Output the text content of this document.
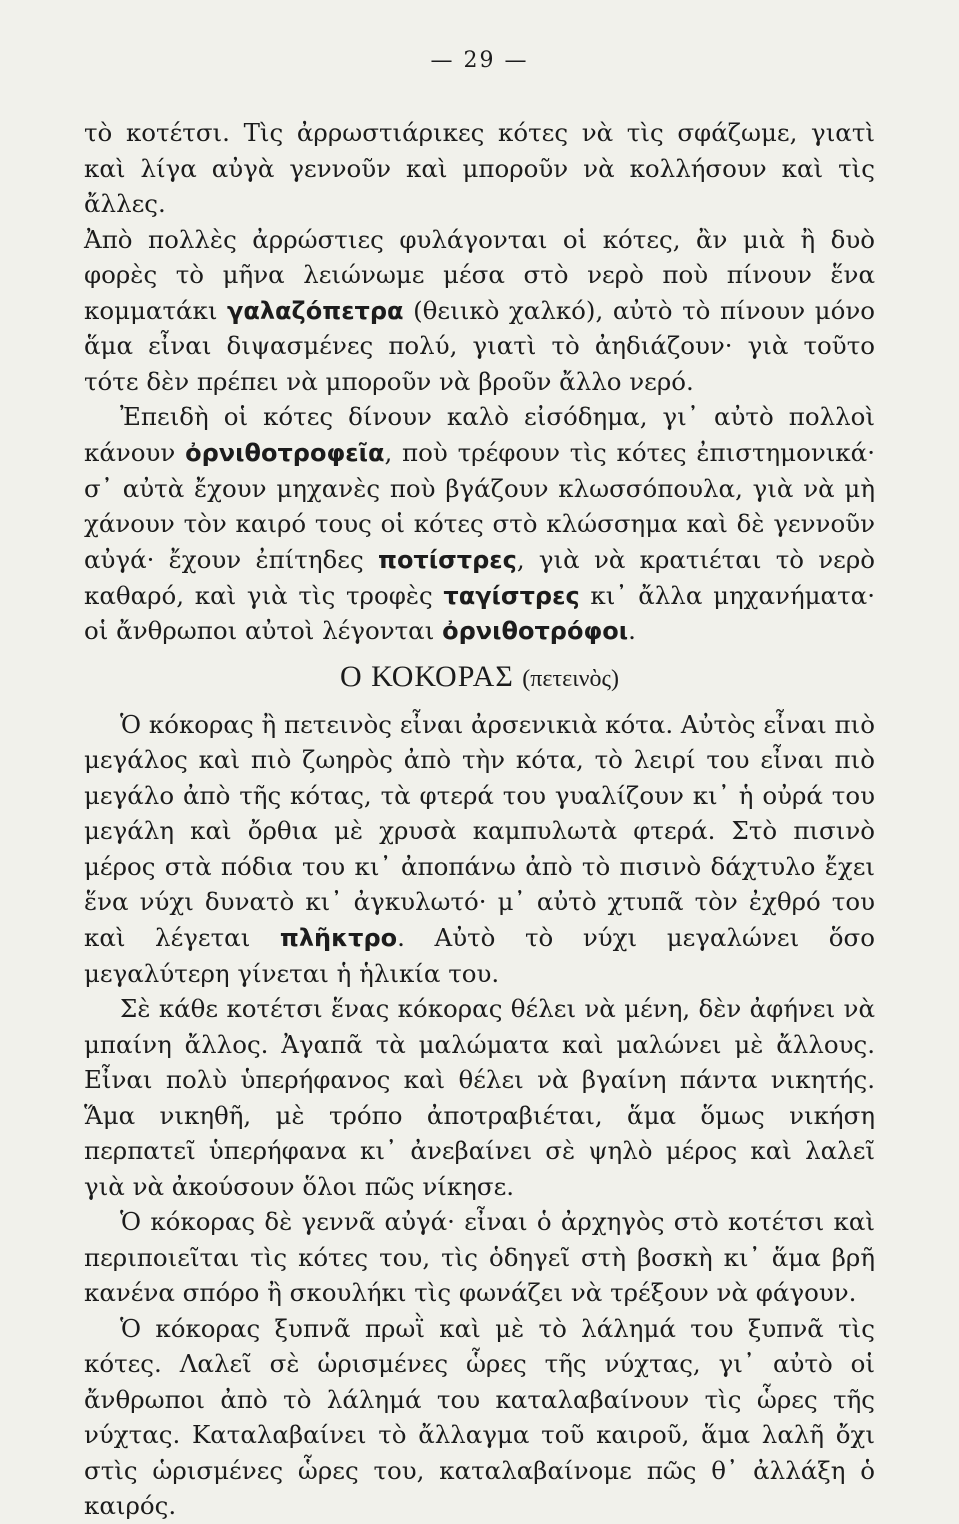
— 29 —

τὸ κοτέτσι. Τὶς ἀρρωστιάρικες κότες νὰ τὶς σφάζωμε, γιατὶ καὶ λίγα αὐγὰ γεννοῦν καὶ μποροῦν νὰ κολλήσουν καὶ τὶς ἄλλες.

Ἀπὸ πολλὲς ἀρρώστιες φυλάγονται οἱ κότες, ἂν μιὰ ἢ δυὸ φορὲς τὸ μῆνα λειώνωμε μέσα στὸ νερὸ ποὺ πίνουν ἕνα κομματάκι γαλαζόπετρα (θειικὸ χαλκό), αὐτὸ τὸ πίνουν μόνο ἅμα εἶναι διψασμένες πολύ, γιατὶ τὸ ἀηδιάζουν· γιὰ τοῦτο τότε δὲν πρέπει νὰ μποροῦν νὰ βροῦν ἄλλο νερό.

Ἐπειδὴ οἱ κότες δίνουν καλὸ εἰσόδημα, γι᾿ αὐτὸ πολλοὶ κάνουν ὀρνιθοτροφεῖα, ποὺ τρέφουν τὶς κότες ἐπιστημονικά· σ᾿ αὐτὰ ἔχουν μηχανὲς ποὺ βγάζουν κλωσσόπουλα, γιὰ νὰ μὴ χάνουν τὸν καιρό τους οἱ κότες στὸ κλώσσημα καὶ δὲ γεννοῦν αὐγά· ἔχουν ἐπίτηδες ποτίστρες, γιὰ νὰ κρατιέται τὸ νερὸ καθαρό, καὶ γιὰ τὶς τροφὲς ταγίστρες κι᾿ ἄλλα μηχανήματα· οἱ ἄνθρωποι αὐτοὶ λέγονται ὀρνιθοτρόφοι.

Ο ΚΟΚΟΡΑΣ (πετεινὸς)

Ὁ κόκορας ἢ πετεινὸς εἶναι ἀρσενικιὰ κότα. Αὐτὸς εἶναι πιὸ μεγάλος καὶ πιὸ ζωηρὸς ἀπὸ τὴν κότα, τὸ λειρί του εἶναι πιὸ μεγάλο ἀπὸ τῆς κότας, τὰ φτερά του γυαλίζουν κι᾿ ἡ οὐρά του μεγάλη καὶ ὄρθια μὲ χρυσὰ καμπυλωτὰ φτερά. Στὸ πισινὸ μέρος στὰ πόδια του κι᾿ ἀποπάνω ἀπὸ τὸ πισινὸ δάχτυλο ἔχει ἕνα νύχι δυνατὸ κι᾿ ἀγκυλωτό· μ᾿ αὐτὸ χτυπᾶ τὸν ἐχθρό του καὶ λέγεται πλῆκτρο. Αὐτὸ τὸ νύχι μεγαλώνει ὅσο μεγαλύτερη γίνεται ἡ ἡλικία του.

Σὲ κάθε κοτέτσι ἕνας κόκορας θέλει νὰ μένη, δὲν ἀφήνει νὰ μπαίνη ἄλλος. Ἀγαπᾶ τὰ μαλώματα καὶ μαλώνει μὲ ἄλλους. Εἶναι πολὺ ὑπερήφανος καὶ θέλει νὰ βγαίνη πάντα νικητής. Ἅμα νικηθῆ, μὲ τρόπο ἀποτραβιέται, ἅμα ὅμως νικήση περπατεῖ ὑπερήφανα κι᾿ ἀνεβαίνει σὲ ψηλὸ μέρος καὶ λαλεῖ γιὰ νὰ ἀκούσουν ὅλοι πῶς νίκησε.

Ὁ κόκορας δὲ γεννᾶ αὐγά· εἶναι ὁ ἀρχηγὸς στὸ κοτέτσι καὶ περιποιεῖται τὶς κότες του, τὶς ὁδηγεῖ στὴ βοσκὴ κι᾿ ἅμα βρῆ κανένα σπόρο ἢ σκουλήκι τὶς φωνάζει νὰ τρέξουν νὰ φάγουν.

Ὁ κόκορας ξυπνᾶ πρωῒ καὶ μὲ τὸ λάλημά του ξυπνᾶ τὶς κότες. Λαλεῖ σὲ ὡρισμένες ὧρες τῆς νύχτας, γι᾿ αὐτὸ οἱ ἄνθρωποι ἀπὸ τὸ λάλημά του καταλαβαίνουν τὶς ὧρες τῆς νύχτας. Καταλαβαίνει τὸ ἄλλαγμα τοῦ καιροῦ, ἅμα λαλῆ ὄχι στὶς ὡρισμένες ὧρες του, καταλαβαίνομε πῶς θ᾿ ἀλλάξη ὁ καιρός.
